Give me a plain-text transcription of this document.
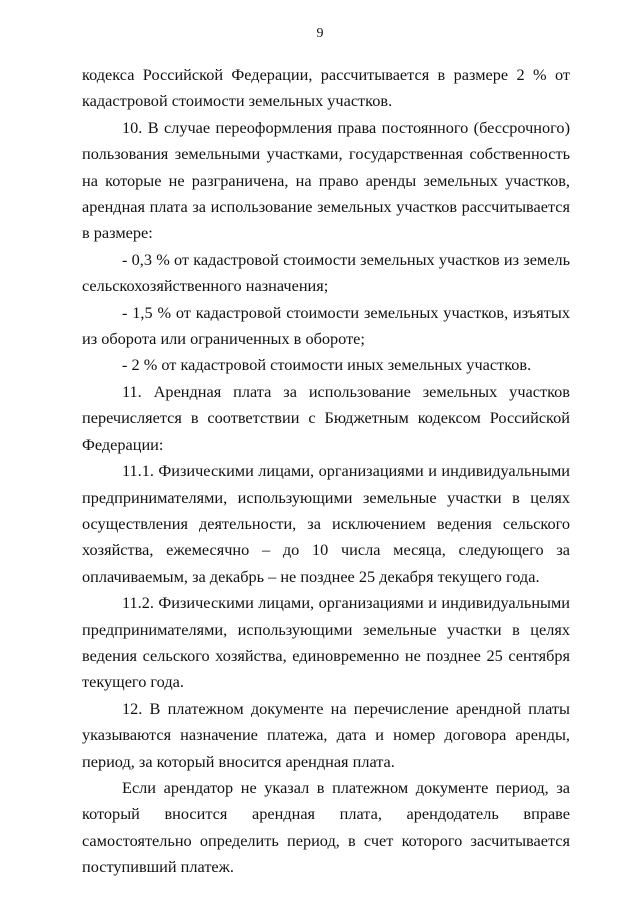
9

кодекса Российской Федерации, рассчитывается в размере 2 % от кадастровой стоимости земельных участков.

10. В случае переоформления права постоянного (бессрочного) пользования земельными участками, государственная собственность на которые не разграничена, на право аренды земельных участков, арендная плата за использование земельных участков рассчитывается в размере:

- 0,3 % от кадастровой стоимости земельных участков из земель сельскохозяйственного назначения;

- 1,5 % от кадастровой стоимости земельных участков, изъятых из оборота или ограниченных в обороте;

- 2 % от кадастровой стоимости иных земельных участков.

11. Арендная плата за использование земельных участков перечисляется в соответствии с Бюджетным кодексом Российской Федерации:

11.1. Физическими лицами, организациями и индивидуальными предпринимателями, использующими земельные участки в целях осуществления деятельности, за исключением ведения сельского хозяйства, ежемесячно – до 10 числа месяца, следующего за оплачиваемым, за декабрь – не позднее 25 декабря текущего года.

11.2. Физическими лицами, организациями и индивидуальными предпринимателями, использующими земельные участки в целях ведения сельского хозяйства, единовременно не позднее 25 сентября текущего года.

12. В платежном документе на перечисление арендной платы указываются назначение платежа, дата и номер договора аренды, период, за который вносится арендная плата.

Если арендатор не указал в платежном документе период, за который вносится арендная плата, арендодатель вправе самостоятельно определить период, в счет которого засчитывается поступивший платеж.
